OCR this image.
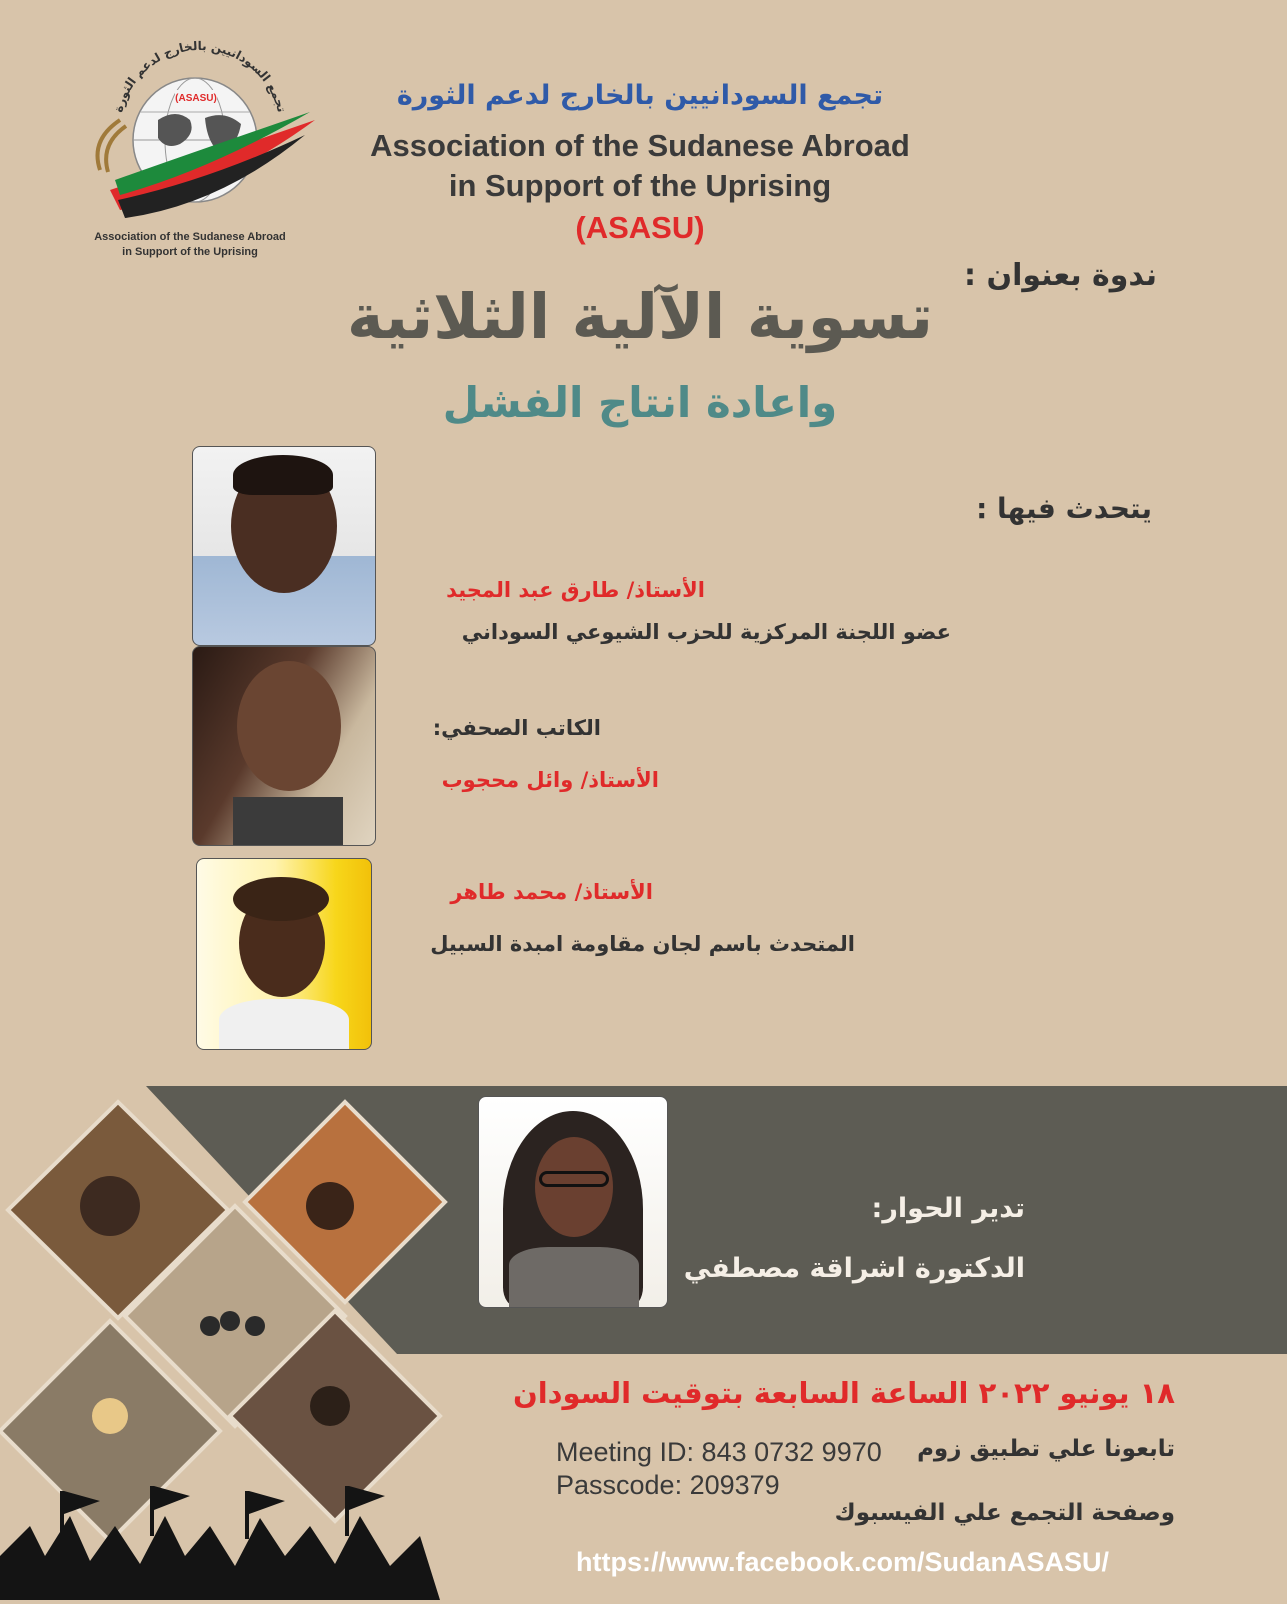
تجمع السودانيين بالخارج لدعم الثورة
(ASASU)
Association of the Sudanese Abroad
in Support of the Uprising
تجمع السودانيين بالخارج لدعم الثورة
Association of the Sudanese Abroad
in Support of the Uprising
(ASASU)
ندوة بعنوان :
تسوية الآلية الثلاثية
واعادة انتاج الفشل
يتحدث فيها :
الأستاذ/ طارق عبد المجيد
عضو اللجنة المركزية للحزب الشيوعي السوداني
الكاتب الصحفي:
الأستاذ/ وائل محجوب
الأستاذ/ محمد طاهر
المتحدث باسم لجان مقاومة امبدة السبيل
تدير الحوار:
الدكتورة اشراقة مصطفي
١٨ يونيو ٢٠٢٢ الساعة السابعة بتوقيت السودان
تابعونا علي تطبيق زوم
Meeting ID: 843 0732 9970
Passcode: 209379
وصفحة التجمع علي الفيسبوك
https://www.facebook.com/SudanASASU/
